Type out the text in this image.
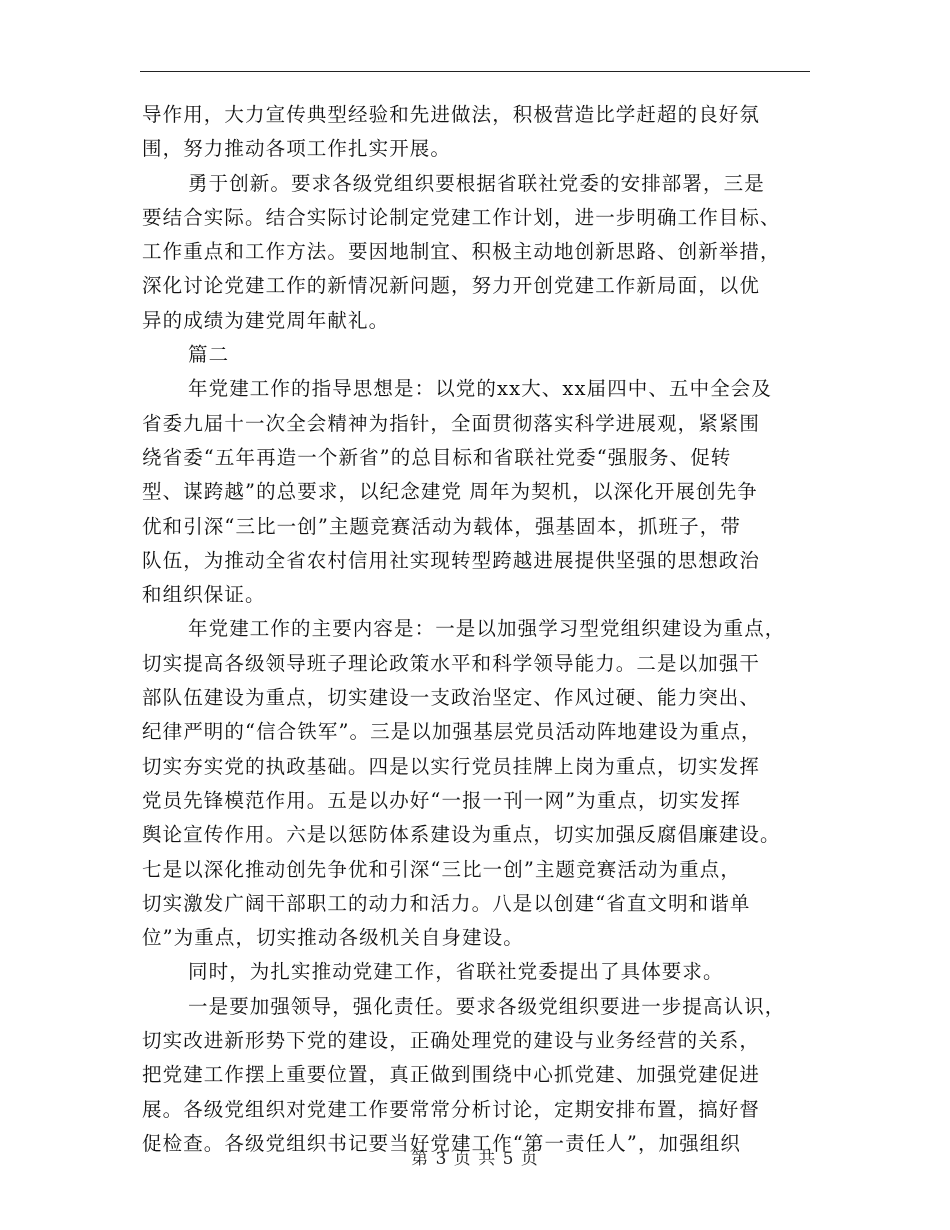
导作用，大力宣传典型经验和先进做法，积极营造比学赶超的良好氛
围，努力推动各项工作扎实开展。
勇于创新。要求各级党组织要根据省联社党委的安排部署，三是
要结合实际。结合实际讨论制定党建工作计划，进一步明确工作目标、
工作重点和工作方法。要因地制宜、积极主动地创新思路、创新举措，
深化讨论党建工作的新情况新问题，努力开创党建工作新局面，以优
异的成绩为建党周年献礼。
篇二
年党建工作的指导思想是：以党的xx大、xx届四中、五中全会及
省委九届十一次全会精神为指针，全面贯彻落实科学进展观，紧紧围
绕省委“五年再造一个新省”的总目标和省联社党委“强服务、促转
型、谋跨越”的总要求，以纪念建党 周年为契机，以深化开展创先争
优和引深“三比一创”主题竞赛活动为载体，强基固本，抓班子，带
队伍，为推动全省农村信用社实现转型跨越进展提供坚强的思想政治
和组织保证。
年党建工作的主要内容是：一是以加强学习型党组织建设为重点，
切实提高各级领导班子理论政策水平和科学领导能力。二是以加强干
部队伍建设为重点，切实建设一支政治坚定、作风过硬、能力突出、
纪律严明的“信合铁军”。三是以加强基层党员活动阵地建设为重点，
切实夯实党的执政基础。四是以实行党员挂牌上岗为重点，切实发挥
党员先锋模范作用。五是以办好“一报一刊一网”为重点，切实发挥
舆论宣传作用。六是以惩防体系建设为重点，切实加强反腐倡廉建设。
七是以深化推动创先争优和引深“三比一创”主题竞赛活动为重点，
切实激发广阔干部职工的动力和活力。八是以创建“省直文明和谐单
位”为重点，切实推动各级机关自身建设。
同时，为扎实推动党建工作，省联社党委提出了具体要求。
一是要加强领导，强化责任。要求各级党组织要进一步提高认识，
切实改进新形势下党的建设，正确处理党的建设与业务经营的关系，
把党建工作摆上重要位置，真正做到围绕中心抓党建、加强党建促进
展。各级党组织对党建工作要常常分析讨论，定期安排布置，搞好督
促检查。各级党组织书记要当好党建工作“第一责任人”，加强组织
第 3 页 共 5 页
